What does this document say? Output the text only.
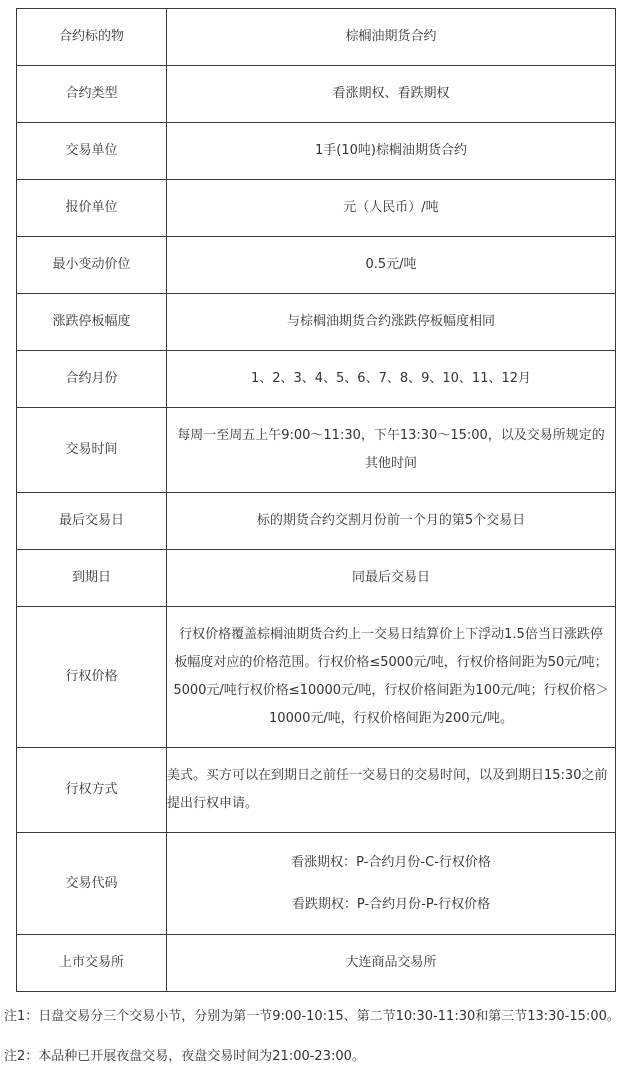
合约标的物	棕榈油期货合约
合约类型	看涨期权、看跌期权
交易单位	1手(10吨)棕榈油期货合约
报价单位	元（人民币）/吨
最小变动价位	0.5元/吨
涨跌停板幅度	与棕榈油期货合约涨跌停板幅度相同
合约月份	1、2、3、4、5、6、7、8、9、10、11、12月
交易时间	每周一至周五上午9:00～11:30，下午13:30～15:00，以及交易所规定的其他时间
最后交易日	标的期货合约交割月份前一个月的第5个交易日
到期日	同最后交易日
行权价格	行权价格覆盖棕榈油期货合约上一交易日结算价上下浮动1.5倍当日涨跌停板幅度对应的价格范围。行权价格≤5000元/吨，行权价格间距为50元/吨；5000元/吨行权价格≤10000元/吨，行权价格间距为100元/吨；行权价格＞10000元/吨，行权价格间距为200元/吨。
行权方式	美式。买方可以在到期日之前任一交易日的交易时间，以及到期日15:30之前提出行权申请。
交易代码	看涨期权：P-合约月份-C-行权价格

看跌期权：P-合约月份-P-行权价格

上市交易所	大连商品交易所

注1：日盘交易分三个交易小节，分别为第一节9:00-10:15、第二节10:30-11:30和第三节13:30-15:00。

注2：本品种已开展夜盘交易，夜盘交易时间为21:00-23:00。
